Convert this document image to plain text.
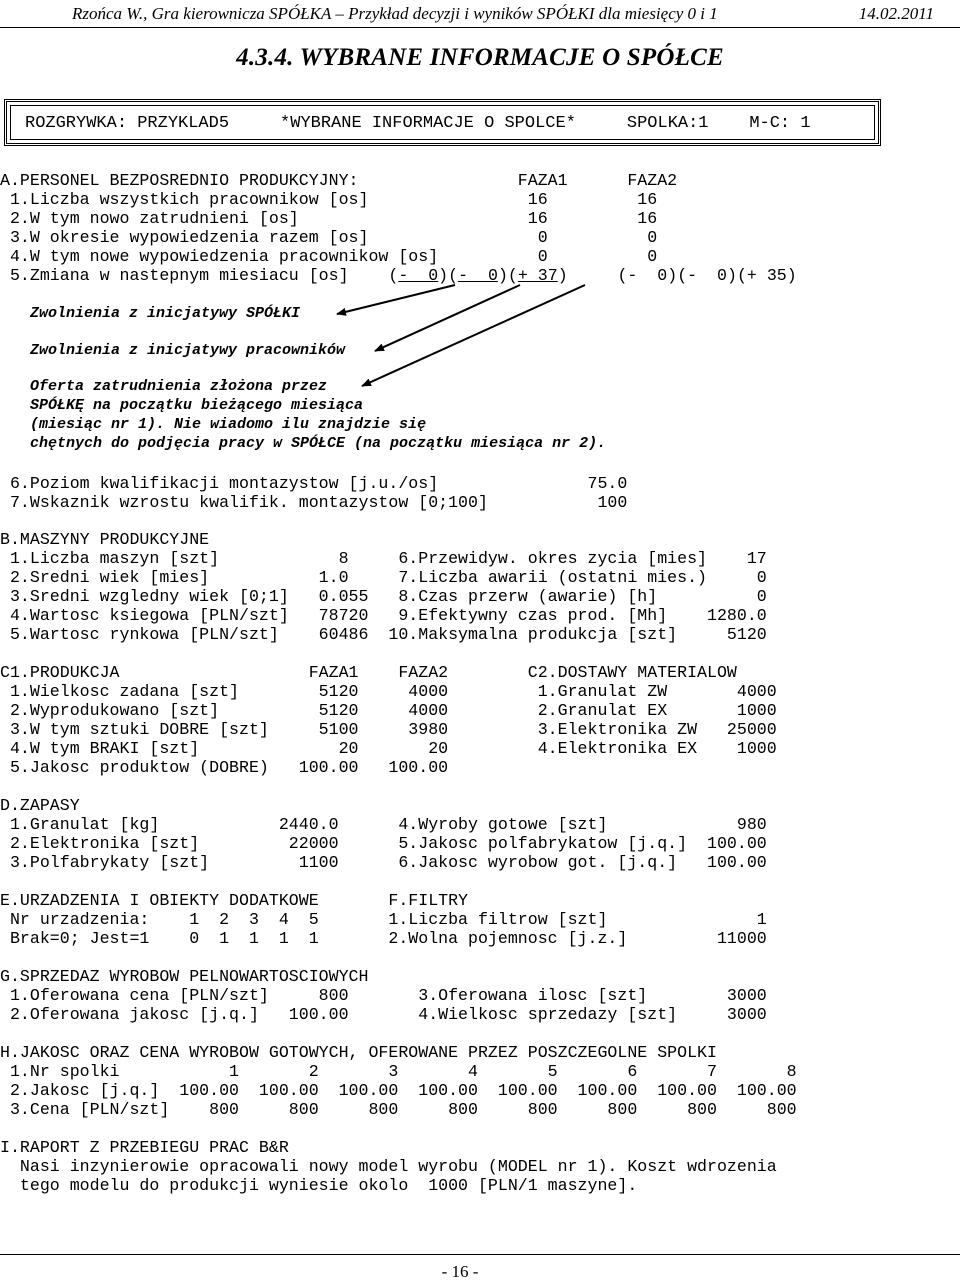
Rzońca W., Gra kierownicza SPÓŁKA – Przykład decyzji i wyników SPÓŁKI dla miesięcy 0 i 1	14.02.2011
4.3.4. WYBRANE INFORMACJE O SPÓŁCE
ROZGRYWKA: PRZYKLAD5     *WYBRANE INFORMACJE O SPOLCE*     SPOLKA:1    M-C: 1
A.PERSONEL BEZPOSREDNIO PRODUKCYJNY:                FAZA1      FAZA2
1.Liczba wszystkich pracownikow [os]                16         16
2.W tym nowo zatrudnieni [os]                       16         16
3.W okresie wypowiedzenia razem [os]                 0          0
4.W tym nowe wypowiedzenia pracownikow [os]          0          0
5.Zmiana w nastepnym miesiacu [os]    (-  0)(-  0)(+ 37)     (-  0)(-  0)(+ 35)
Zwolnienia z inicjatywy SPÓŁKI
Zwolnienia z inicjatywy pracowników
Oferta zatrudnienia złożona przez
SPÓŁKĘ na początku bieżącego miesiąca
(miesiąc nr 1). Nie wiadomo ilu znajdzie się
chętnych do podjęcia pracy w SPÓŁCE (na początku miesiąca nr 2).
6.Poziom kwalifikacji montazystow [j.u./os]               75.0
7.Wskaznik wzrostu kwalifik. montazystow [0;100]           100
B.MASZYNY PRODUKCYJNE
1.Liczba maszyn [szt]            8     6.Przewidyw. okres zycia [mies]    17
2.Sredni wiek [mies]           1.0     7.Liczba awarii (ostatni mies.)     0
3.Sredni wzgledny wiek [0;1]   0.055   8.Czas przerw (awarie) [h]          0
4.Wartosc ksiegowa [PLN/szt]   78720   9.Efektywny czas prod. [Mh]    1280.0
5.Wartosc rynkowa [PLN/szt]    60486  10.Maksymalna produkcja [szt]     5120
C1.PRODUKCJA                   FAZA1    FAZA2        C2.DOSTAWY MATERIALOW
1.Wielkosc zadana [szt]        5120     4000         1.Granulat ZW       4000
2.Wyprodukowano [szt]          5120     4000         2.Granulat EX       1000
3.W tym sztuki DOBRE [szt]     5100     3980         3.Elektronika ZW   25000
4.W tym BRAKI [szt]              20       20         4.Elektronika EX    1000
5.Jakosc produktow (DOBRE)   100.00   100.00
D.ZAPASY
1.Granulat [kg]            2440.0      4.Wyroby gotowe [szt]             980
2.Elektronika [szt]         22000      5.Jakosc polfabrykatow [j.q.]  100.00
3.Polfabrykaty [szt]         1100      6.Jakosc wyrobow got. [j.q.]   100.00
E.URZADZENIA I OBIEKTY DODATKOWE       F.FILTRY
Nr urzadzenia:    1  2  3  4  5       1.Liczba filtrow [szt]               1
Brak=0; Jest=1    0  1  1  1  1       2.Wolna pojemnosc [j.z.]         11000
G.SPRZEDAZ WYROBOW PELNOWARTOSCIOWYCH
1.Oferowana cena [PLN/szt]     800       3.Oferowana ilosc [szt]        3000
2.Oferowana jakosc [j.q.]   100.00       4.Wielkosc sprzedazy [szt]     3000
H.JAKOSC ORAZ CENA WYROBOW GOTOWYCH, OFEROWANE PRZEZ POSZCZEGOLNE SPOLKI
1.Nr spolki           1       2       3       4       5       6       7       8
2.Jakosc [j.q.]  100.00  100.00  100.00  100.00  100.00  100.00  100.00  100.00
3.Cena [PLN/szt]    800     800     800     800     800     800     800     800
I.RAPORT Z PRZEBIEGU PRAC B&R
Nasi inzynierowie opracowali nowy model wyrobu (MODEL nr 1). Koszt wdrozenia
tego modelu do produkcji wyniesie okolo  1000 [PLN/1 maszyne].
- 16 -
